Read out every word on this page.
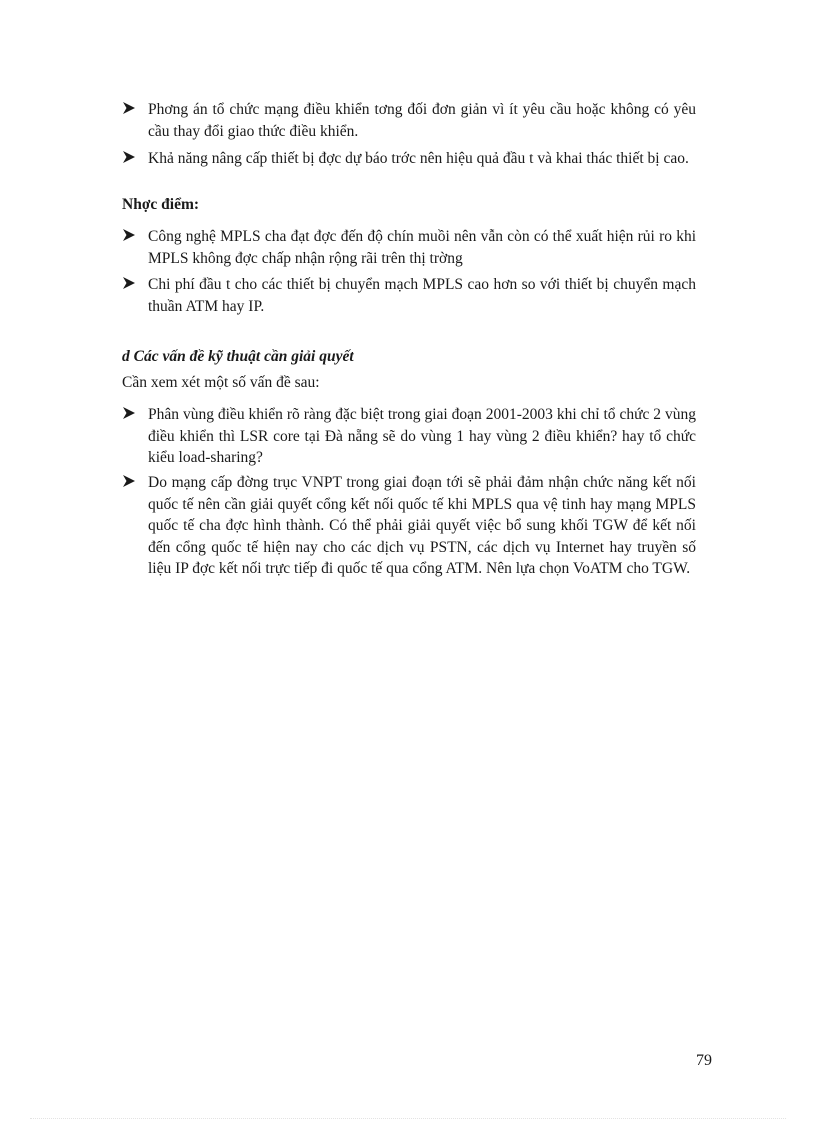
Phơng án tổ chức mạng điều khiển tơng đối đơn giản vì ít yêu cầu hoặc không có yêu cầu thay đổi giao thức điều khiển.
Khả năng nâng cấp thiết bị đợc dự báo trớc nên hiệu quả đầu t và khai thác thiết bị cao.
Nhợc điểm:
Công nghệ MPLS cha đạt đợc đến độ chín muồi nên vẫn còn có thể xuất hiện rủi ro khi MPLS không đợc chấp nhận rộng rãi trên thị trờng
Chi phí đầu t cho các thiết bị chuyển mạch MPLS cao hơn so với thiết bị chuyển mạch thuần ATM hay IP.
d Các vấn đề kỹ thuật cần giải quyết
Cần xem xét một số vấn đề sau:
Phân vùng điều khiển rõ ràng đặc biệt trong giai đoạn 2001-2003 khi chỉ tổ chức 2 vùng điều khiển thì LSR core tại Đà nẵng sẽ do vùng 1 hay vùng 2 điều khiển? hay tổ chức kiểu load-sharing?
Do mạng cấp đờng trục VNPT trong giai đoạn tới sẽ phải đảm nhận chức năng kết nối quốc tế nên cần giải quyết cổng kết nối quốc tế khi MPLS qua vệ tinh hay mạng MPLS quốc tế cha đợc hình thành. Có thể phải giải quyết việc bổ sung khối TGW để kết nối đến cổng quốc tế hiện nay cho các dịch vụ PSTN, các dịch vụ Internet hay truyền số liệu IP đợc kết nối trực tiếp đi quốc tế qua cổng ATM. Nên lựa chọn VoATM cho TGW.
79
